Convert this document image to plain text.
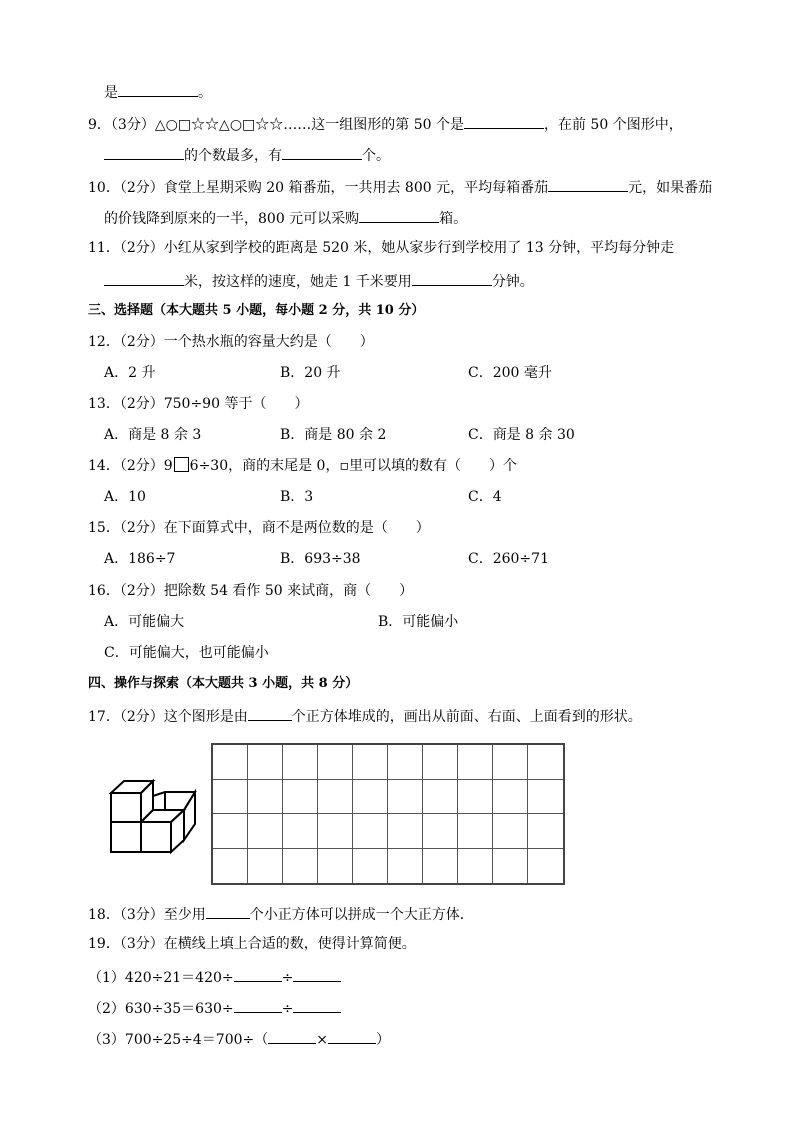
是	。
9．（3分）△○□☆☆△○□☆☆……这一组图形的第 50 个是	，在前 50 个图形中，
的个数最多，有	个。
10．（2分）食堂上星期采购 20 箱番茄，一共用去 800 元，平均每箱番茄	元，如果番茄
的价钱降到原来的一半，800 元可以采购	箱。
11．（2分）小红从家到学校的距离是 520 米，她从家步行到学校用了 13 分钟，平均每分钟走
米，按这样的速度，她走 1 千米要用	分钟。
三、选择题（本大题共 5 小题，每小题 2 分，共 10 分）
12．（2分）一个热水瓶的容量大约是（　　）
A．2 升	B．20 升	C．200 毫升
13．（2分）750÷90 等于（　　）
A．商是 8 余 3	B．商是 80 余 2	C．商是 8 余 30
14．（2分）9 6÷30，商的末尾是 0，▫里可以填的数有（　　）个
A．10	B．3	C．4
15．（2分）在下面算式中，商不是两位数的是（　　）
A．186÷7	B．693÷38	C．260÷71
16．（2分）把除数 54 看作 50 来试商，商（　　）
A．可能偏大	B．可能偏小
C．可能偏大，也可能偏小
四、操作与探索（本大题共 3 小题，共 8 分）
17．（2分）这个图形是由	个正方体堆成的，画出从前面、右面、上面看到的形状。
18．（3分）至少用	个小正方体可以拼成一个大正方体．
19．（3分）在横线上填上合适的数，使得计算简便。
（1）420÷21＝420÷	÷
（2）630÷35＝630÷	÷
（3）700÷25÷4＝700÷（	×	）
